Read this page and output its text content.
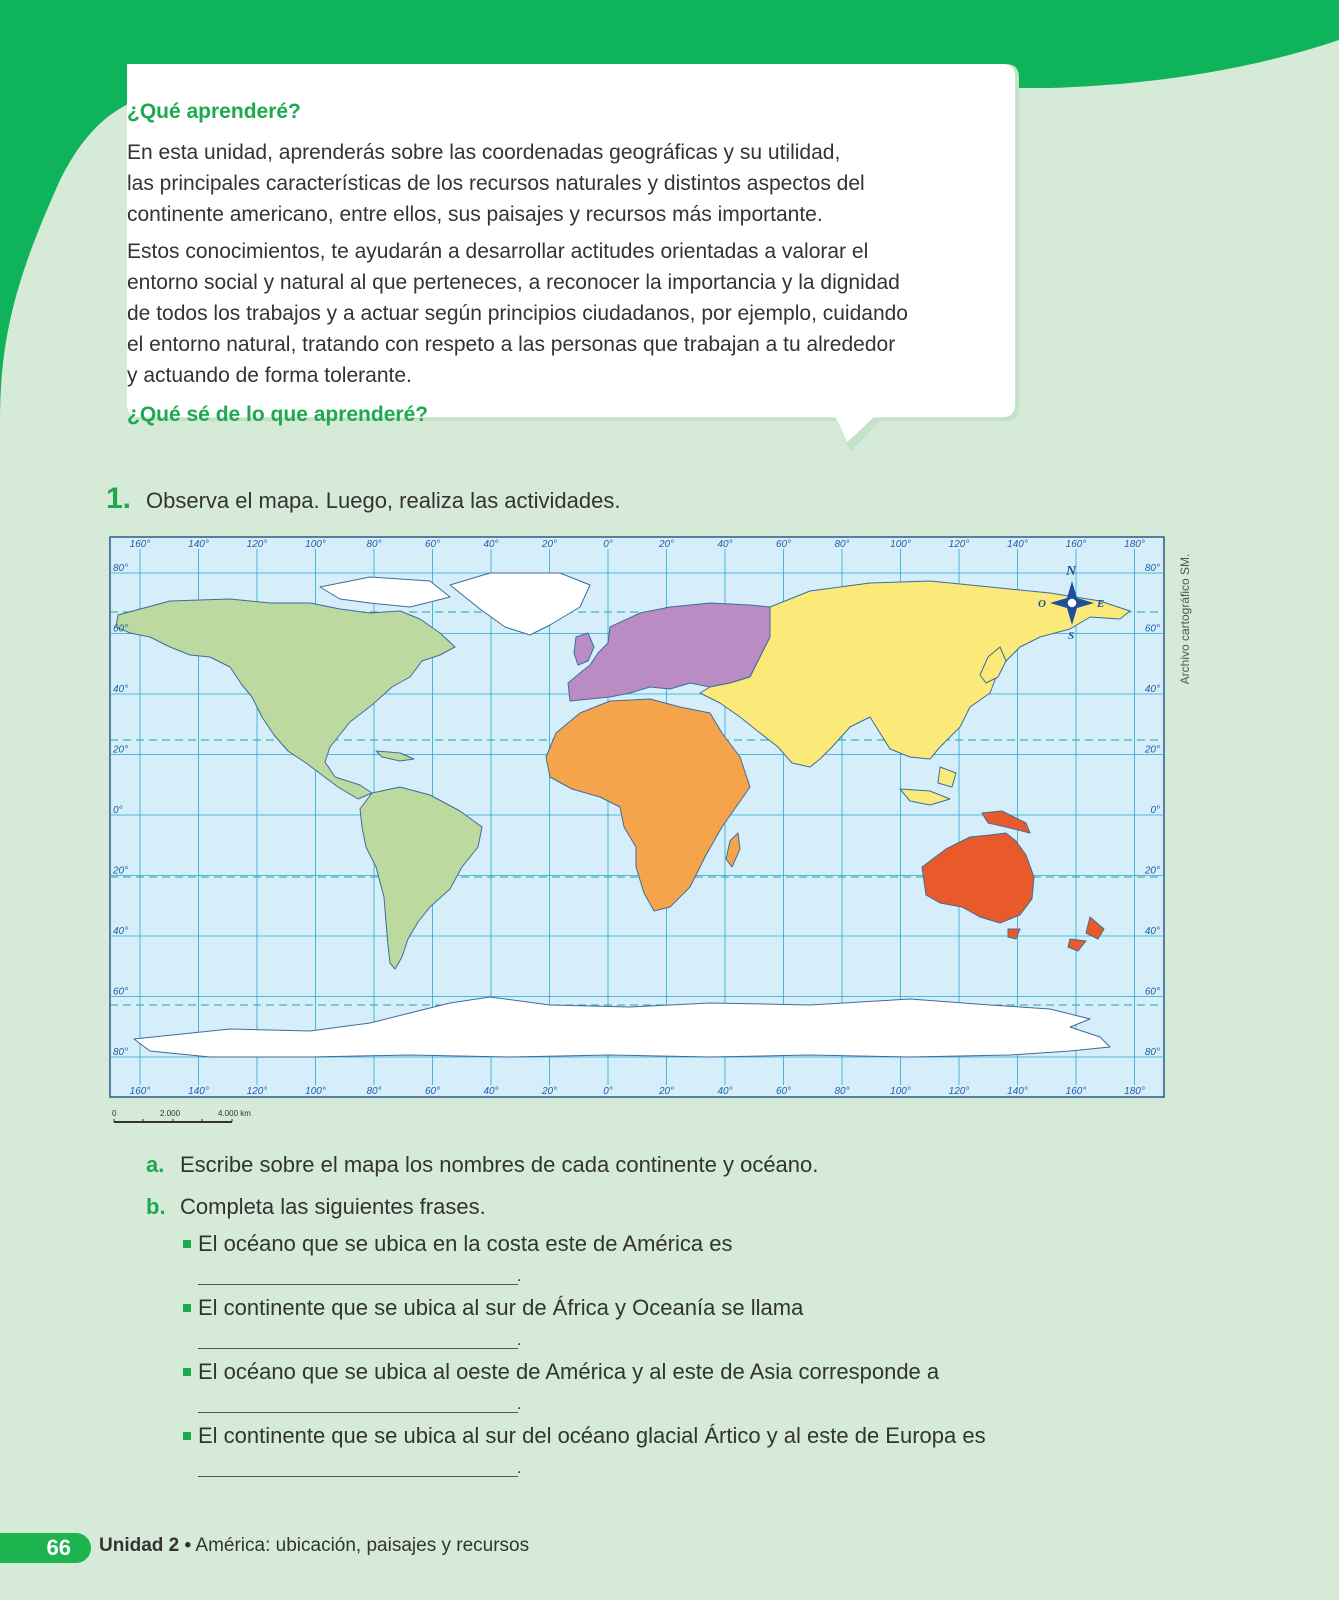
¿Qué aprenderé?
En esta unidad, aprenderás sobre las coordenadas geográficas y su utilidad,
las principales características de los recursos naturales y distintos aspectos del
continente americano, entre ellos, sus paisajes y recursos más importante.
Estos conocimientos, te ayudarán a desarrollar actitudes orientadas a valorar el
entorno social y natural al que perteneces, a reconocer la importancia y la dignidad
de todos los trabajos y a actuar según principios ciudadanos, por ejemplo, cuidando
el entorno natural, tratando con respeto a las personas que trabajan a tu alrededor
y actuando de forma tolerante.
¿Qué sé de lo que aprenderé?
1. Observa el mapa. Luego, realiza las actividades.
160°	140°	120°	100°	80°	60°	40°	20°	0°	20°	40°	60°	80°	100°	120°	140°	160°	180°
160°	140°	120°	100°	80°	60°	40°	20°	0°	20°	40°	60°	80°	100°	120°	140°	160°	180°
80°
60°
40°
20°
0°
20°
40°
60°
80°
80°
60°
40°
20°
0°
20°
40°
60°
80°
N
S
E
O	Archivo cartográfico SM.
0	2.000	4.000 km
a. Escribe sobre el mapa los nombres de cada continente y océano.
b. Completa las siguientes frases.
El océano que se ubica en la costa este de América es
.
El continente que se ubica al sur de África y Oceanía se llama
.
El océano que se ubica al oeste de América y al este de Asia corresponde a
.
El continente que se ubica al sur del océano glacial Ártico y al este de Europa es
.
66 Unidad 2 • América: ubicación, paisajes y recursos
